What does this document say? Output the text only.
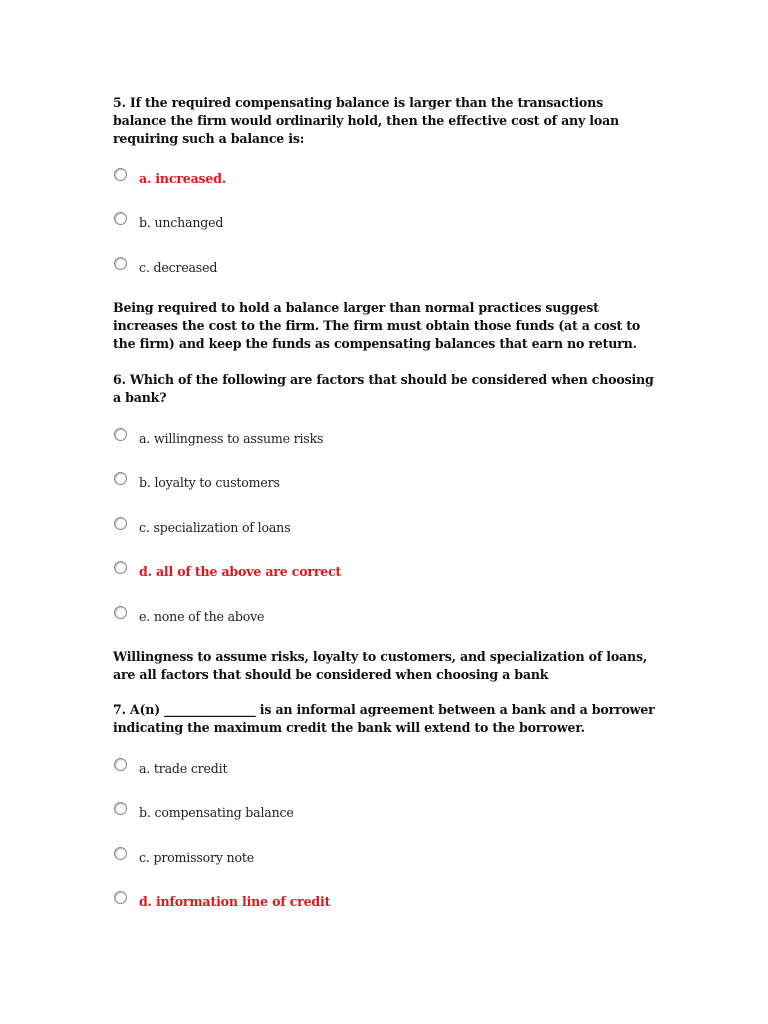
5. If the required compensating balance is larger than the transactions balance the firm would ordinarily hold, then the effective cost of any loan requiring such a balance is:
a. increased.
b. unchanged
c. decreased
Being required to hold a balance larger than normal practices suggest increases the cost to the firm. The firm must obtain those funds (at a cost to the firm) and keep the funds as compensating balances that earn no return.
6. Which of the following are factors that should be considered when choosing a bank?
a. willingness to assume risks
b. loyalty to customers
c. specialization of loans
d. all of the above are correct
e. none of the above
Willingness to assume risks, loyalty to customers, and specialization of loans, are all factors that should be considered when choosing a bank
7. A(n) _______________ is an informal agreement between a bank and a borrower indicating the maximum credit the bank will extend to the borrower.
a. trade credit
b. compensating balance
c. promissory note
d. information line of credit
